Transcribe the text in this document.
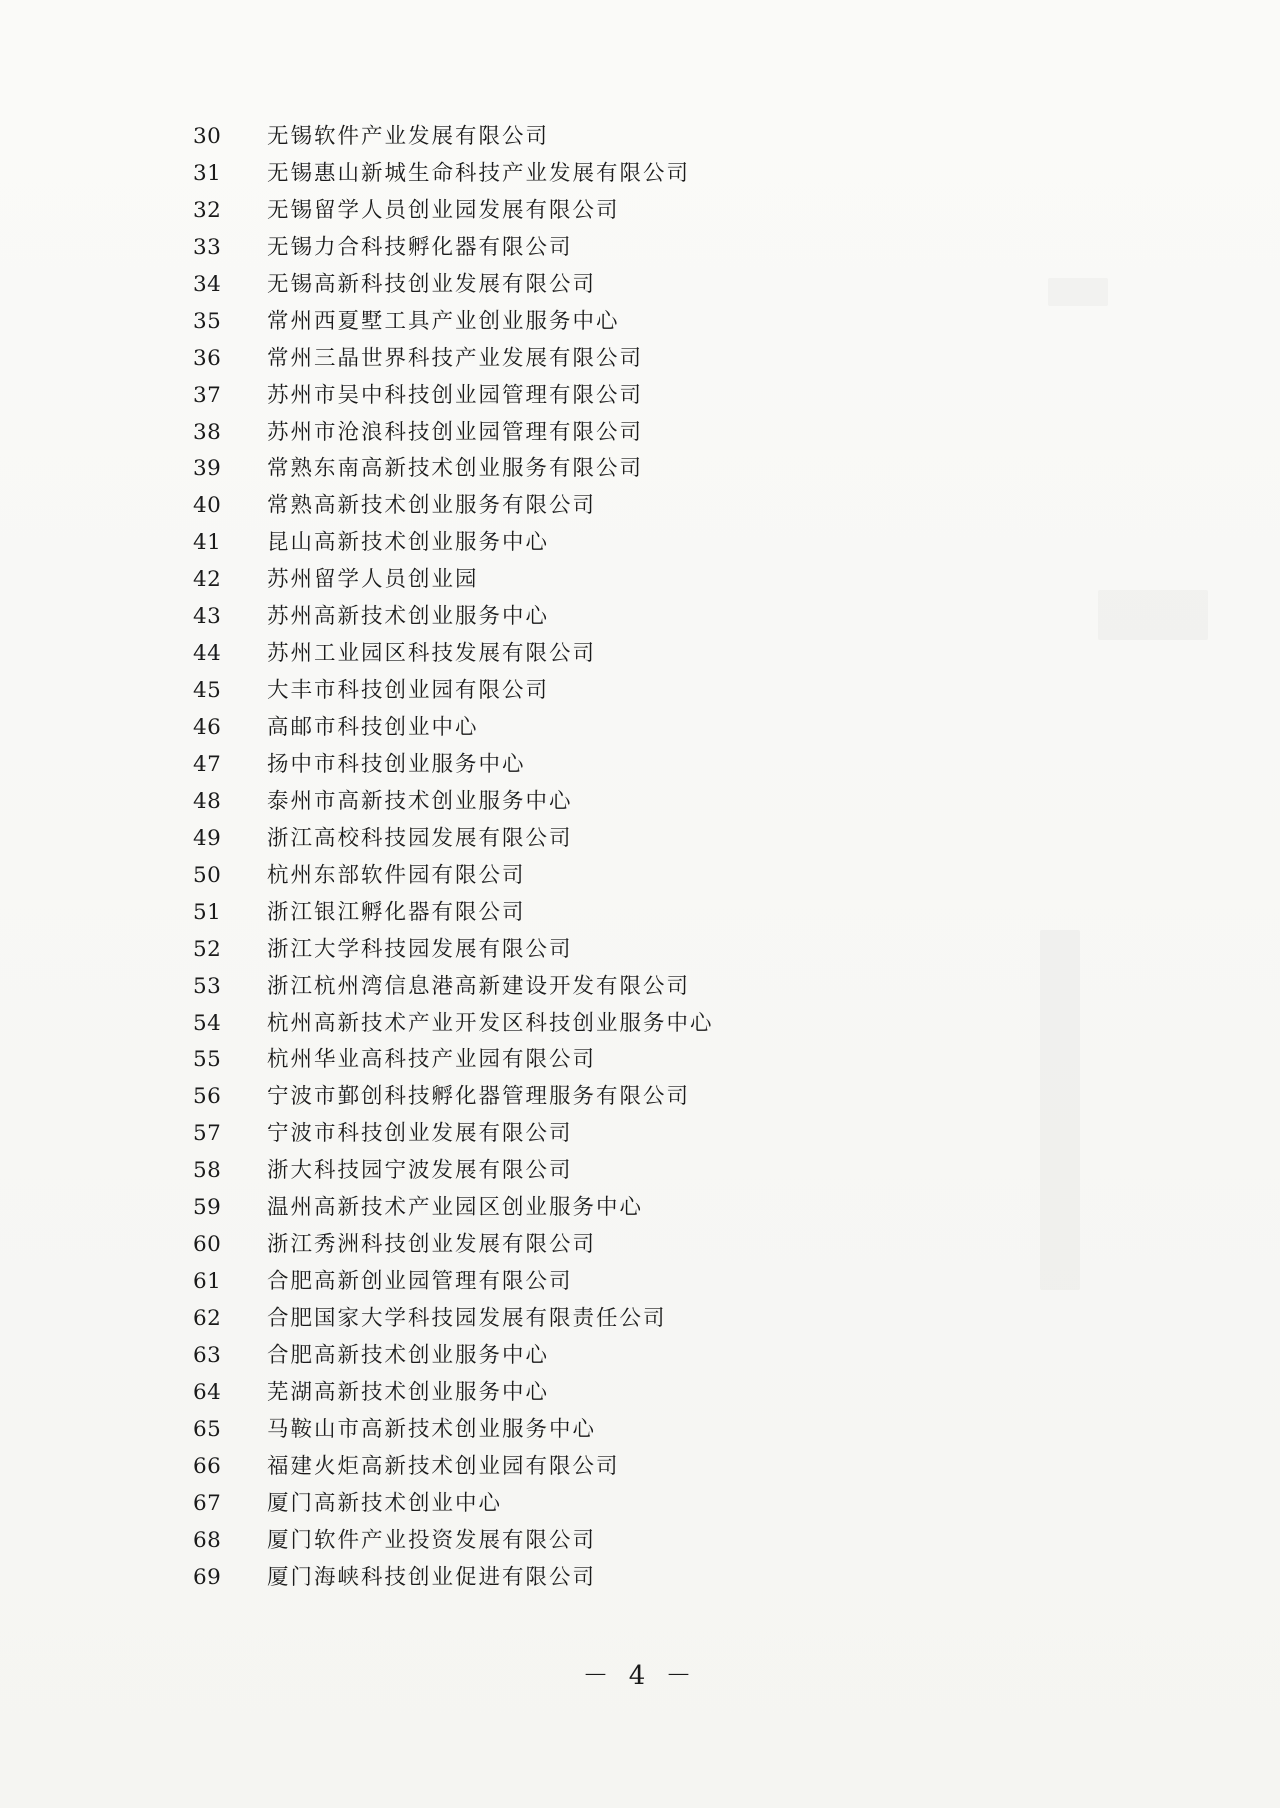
30	无锡软件产业发展有限公司
31	无锡惠山新城生命科技产业发展有限公司
32	无锡留学人员创业园发展有限公司
33	无锡力合科技孵化器有限公司
34	无锡高新科技创业发展有限公司
35	常州西夏墅工具产业创业服务中心
36	常州三晶世界科技产业发展有限公司
37	苏州市吴中科技创业园管理有限公司
38	苏州市沧浪科技创业园管理有限公司
39	常熟东南高新技术创业服务有限公司
40	常熟高新技术创业服务有限公司
41	昆山高新技术创业服务中心
42	苏州留学人员创业园
43	苏州高新技术创业服务中心
44	苏州工业园区科技发展有限公司
45	大丰市科技创业园有限公司
46	高邮市科技创业中心
47	扬中市科技创业服务中心
48	泰州市高新技术创业服务中心
49	浙江高校科技园发展有限公司
50	杭州东部软件园有限公司
51	浙江银江孵化器有限公司
52	浙江大学科技园发展有限公司
53	浙江杭州湾信息港高新建设开发有限公司
54	杭州高新技术产业开发区科技创业服务中心
55	杭州华业高科技产业园有限公司
56	宁波市鄞创科技孵化器管理服务有限公司
57	宁波市科技创业发展有限公司
58	浙大科技园宁波发展有限公司
59	温州高新技术产业园区创业服务中心
60	浙江秀洲科技创业发展有限公司
61	合肥高新创业园管理有限公司
62	合肥国家大学科技园发展有限责任公司
63	合肥高新技术创业服务中心
64	芜湖高新技术创业服务中心
65	马鞍山市高新技术创业服务中心
66	福建火炬高新技术创业园有限公司
67	厦门高新技术创业中心
68	厦门软件产业投资发展有限公司
69	厦门海峡科技创业促进有限公司
－ 4 －
